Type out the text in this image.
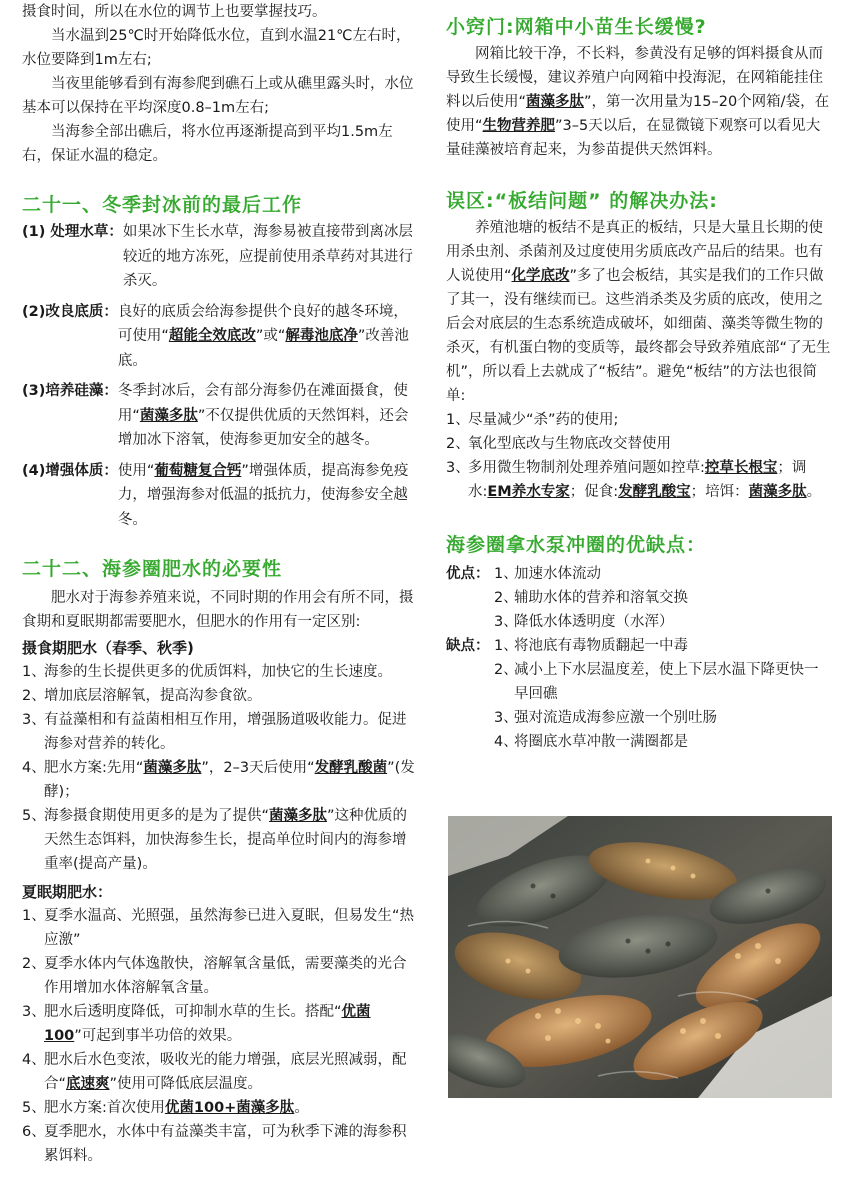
摄食时间，所以在水位的调节上也要掌握技巧。

当水温到25℃时开始降低水位，直到水温21℃左右时，水位要降到1m左右;

当夜里能够看到有海参爬到礁石上或从礁里露头时，水位基本可以保持在平均深度0.8–1m左右;

当海参全部出礁后，将水位再逐渐提高到平均1.5m左右，保证水温的稳定。

二十一、冬季封冰前的最后工作
(1) 处理水草： 如果冰下生长水草，海参易被直接带到离冰层较近的地方冻死，应提前使用杀草药对其进行杀灭。
(2)改良底质： 良好的底质会给海参提供个良好的越冬环境，可使用“超能全效底改”或“解毒池底净”改善池底。
(3)培养硅藻： 冬季封冰后，会有部分海参仍在滩面摄食，使用“菌藻多肽”不仅提供优质的天然饵料，还会增加冰下溶氧，使海参更加安全的越冬。
(4)增强体质： 使用“葡萄糖复合钙”增强体质，提高海参免疫力，增强海参对低温的抵抗力，使海参安全越冬。
二十二、海参圈肥水的必要性

肥水对于海参养殖来说，不同时期的作用会有所不同，摄食期和夏眠期都需要肥水，但肥水的作用有一定区别:

摄食期肥水（春季、秋季)
1、
海参的生长提供更多的优质饵料，加快它的生长速度。
2、
增加底层溶解氧，提高沟参食欲。
3、
有益藻相和有益菌相相互作用，增强肠道吸收能力。促进海参对营养的转化。
4、
肥水方案:先用“菌藻多肽”，2–3天后使用“发酵乳酸菌”(发酵)；
5、
海参摄食期使用更多的是为了提供“菌藻多肽”这种优质的天然生态饵料，加快海参生长，提高单位时间内的海参增重率(提高产量)。
夏眠期肥水：
1、
夏季水温高、光照强，虽然海参已进入夏眠，但易发生“热应激”
2、
夏季水体内气体逸散快，溶解氧含量低，需要藻类的光合作用增加水体溶解氧含量。
3、
肥水后透明度降低，可抑制水草的生长。搭配“优菌100”可起到事半功倍的效果。
4、
肥水后水色变浓，吸收光的能力增强，底层光照减弱，配合“底速爽”使用可降低底层温度。
5、
肥水方案:首次使用优菌100+菌藻多肽。
6、
夏季肥水，水体中有益藻类丰富，可为秋季下滩的海参积累饵料。
小窍门:网箱中小苗生长缓慢?

网箱比较干净，不长料，参黄没有足够的饵料摄食从而导致生长缓慢，建议养殖户向网箱中投海泥，在网箱能挂住料以后使用“菌藻多肽”，第一次用量为15–20个网箱/袋，在使用“生物营养肥”3–5天以后，在显微镜下观察可以看见大量硅藻被培育起来，为参苗提供天然饵料。

误区:“板结问题” 的解决办法:

养殖池塘的板结不是真正的板结，只是大量且长期的使用杀虫剂、杀菌剂及过度使用劣质底改产品后的结果。也有人说使用“化学底改”多了也会板结，其实是我们的工作只做了其一，没有继续而已。这些消杀类及劣质的底改，使用之后会对底层的生态系统造成破坏，如细菌、藻类等微生物的杀灭，有机蛋白物的变质等，最终都会导致养殖底部“了无生机”，所以看上去就成了“板结”。避免“板结”的方法也很简单:

1、
尽量减少“杀”药的使用;
2、
氧化型底改与生物底改交替使用
3、
多用微生物制剂处理养殖问题如控草:控草长根宝；调水:EM养水专家；促食:发酵乳酸宝；培饵：菌藻多肽。
海参圈拿水泵冲圈的优缺点：
优点： 1、
加速水体流动
2、
辅助水体的营养和溶氧交换
3、
降低水体透明度（水浑）
缺点： 1、
将池底有毒物质翻起一中毒
2、
减小上下水层温度差，使上下层水温下降更快一早回礁
3、
强对流造成海参应激一个别吐肠
4、
将圈底水草冲散一满圈都是
